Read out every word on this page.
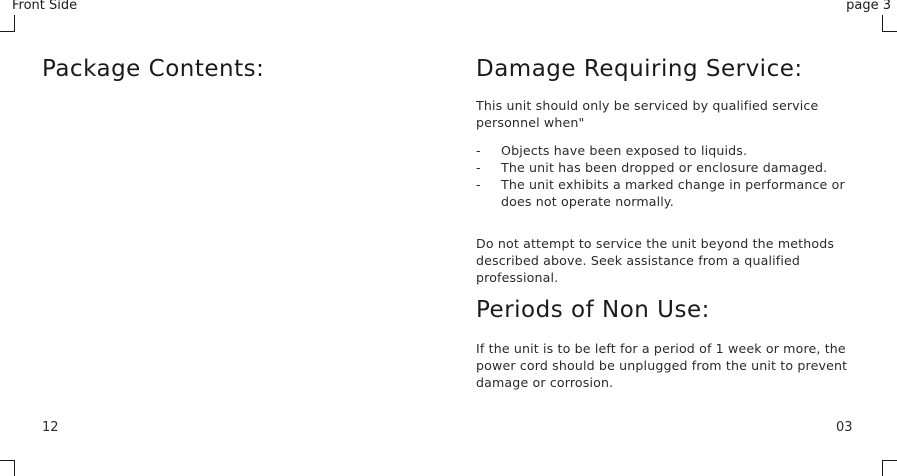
Front Side	page 3
Package Contents:
12
Damage Requiring Service:

This unit should only be serviced by qualified service personnel when"

- Objects have been exposed to liquids.
- The unit has been dropped or enclosure damaged.
- The unit exhibits a marked change in performance or does not operate normally.

Do not attempt to service the unit beyond the methods described above. Seek assistance from a qualified professional.

Periods of Non Use:

If the unit is to be left for a period of 1 week or more, the power cord should be unplugged from the unit to prevent damage or corrosion.

03
